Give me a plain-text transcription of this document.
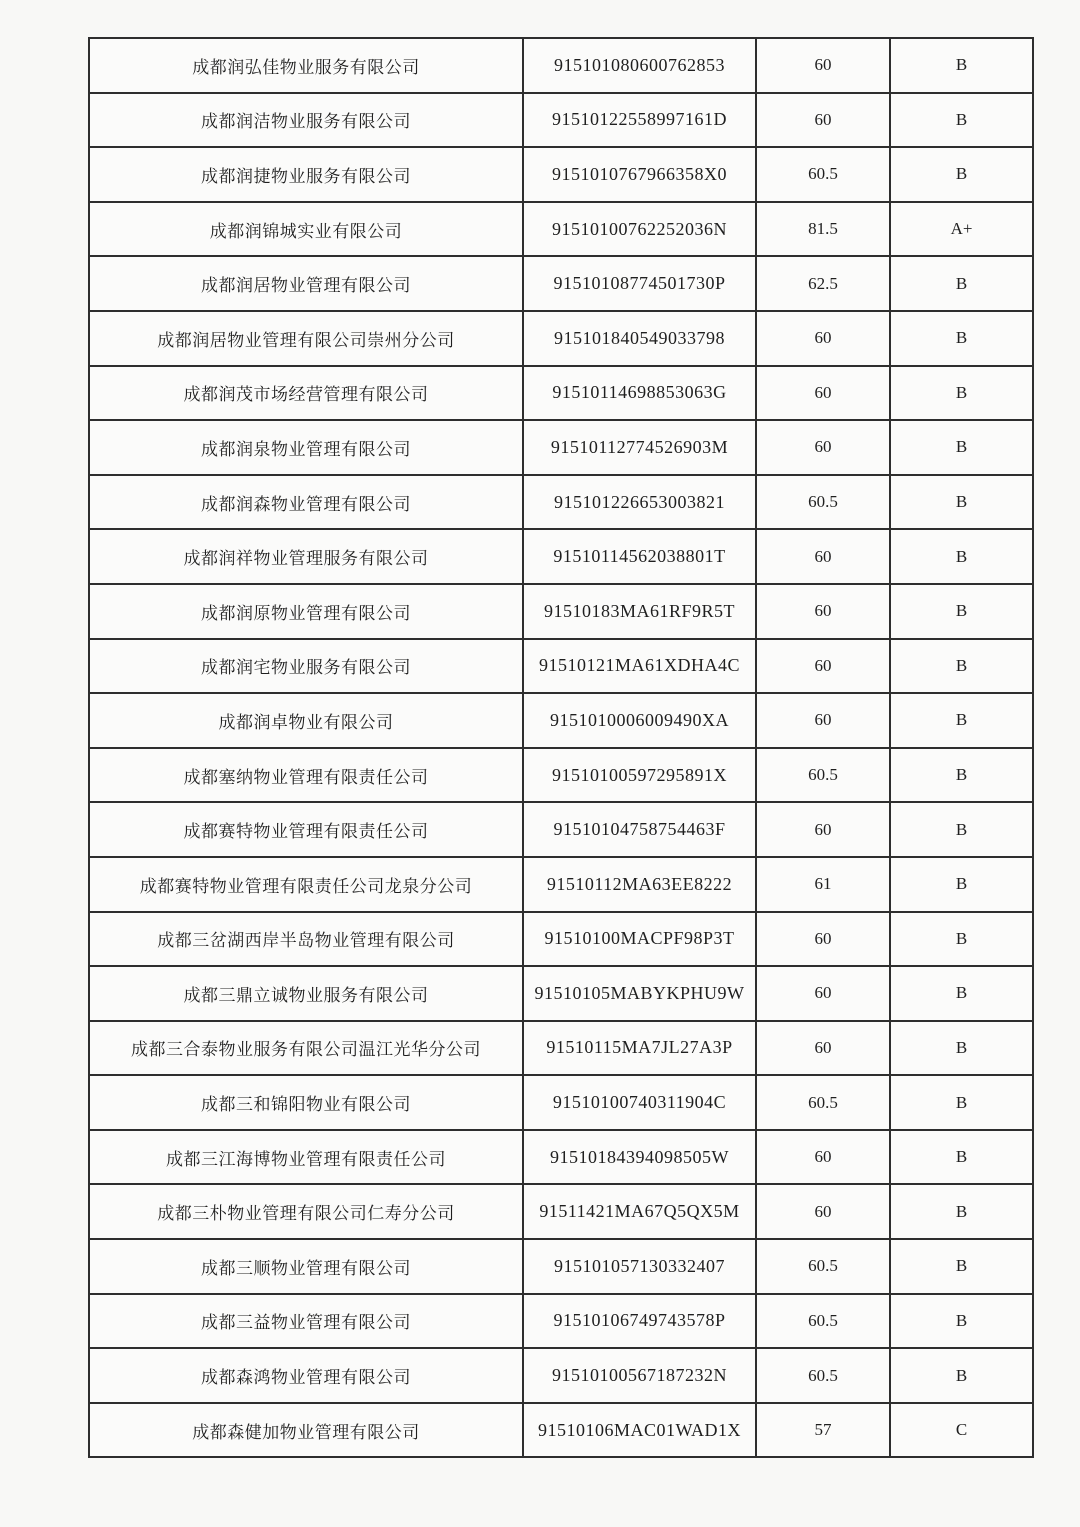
成都润弘佳物业服务有限公司	915101080600762853	60	B
成都润洁物业服务有限公司	91510122558997161D	60	B
成都润捷物业服务有限公司	9151010767966358X0	60.5	B
成都润锦城实业有限公司	91510100762252036N	81.5	A+
成都润居物业管理有限公司	91510108774501730P	62.5	B
成都润居物业管理有限公司崇州分公司	915101840549033798	60	B
成都润茂市场经营管理有限公司	91510114698853063G	60	B
成都润泉物业管理有限公司	91510112774526903M	60	B
成都润森物业管理有限公司	915101226653003821	60.5	B
成都润祥物业管理服务有限公司	91510114562038801T	60	B
成都润原物业管理有限公司	91510183MA61RF9R5T	60	B
成都润宅物业服务有限公司	91510121MA61XDHA4C	60	B
成都润卓物业有限公司	9151010006009490XA	60	B
成都塞纳物业管理有限责任公司	91510100597295891X	60.5	B
成都赛特物业管理有限责任公司	91510104758754463F	60	B
成都赛特物业管理有限责任公司龙泉分公司	91510112MA63EE8222	61	B
成都三岔湖西岸半岛物业管理有限公司	91510100MACPF98P3T	60	B
成都三鼎立诚物业服务有限公司	91510105MABYKPHU9W	60	B
成都三合泰物业服务有限公司温江光华分公司	91510115MA7JL27A3P	60	B
成都三和锦阳物业有限公司	91510100740311904C	60.5	B
成都三江海博物业管理有限责任公司	91510184394098505W	60	B
成都三朴物业管理有限公司仁寿分公司	91511421MA67Q5QX5M	60	B
成都三顺物业管理有限公司	915101057130332407	60.5	B
成都三益物业管理有限公司	91510106749743578P	60.5	B
成都森鸿物业管理有限公司	91510100567187232N	60.5	B
成都森健加物业管理有限公司	91510106MAC01WAD1X	57	C
